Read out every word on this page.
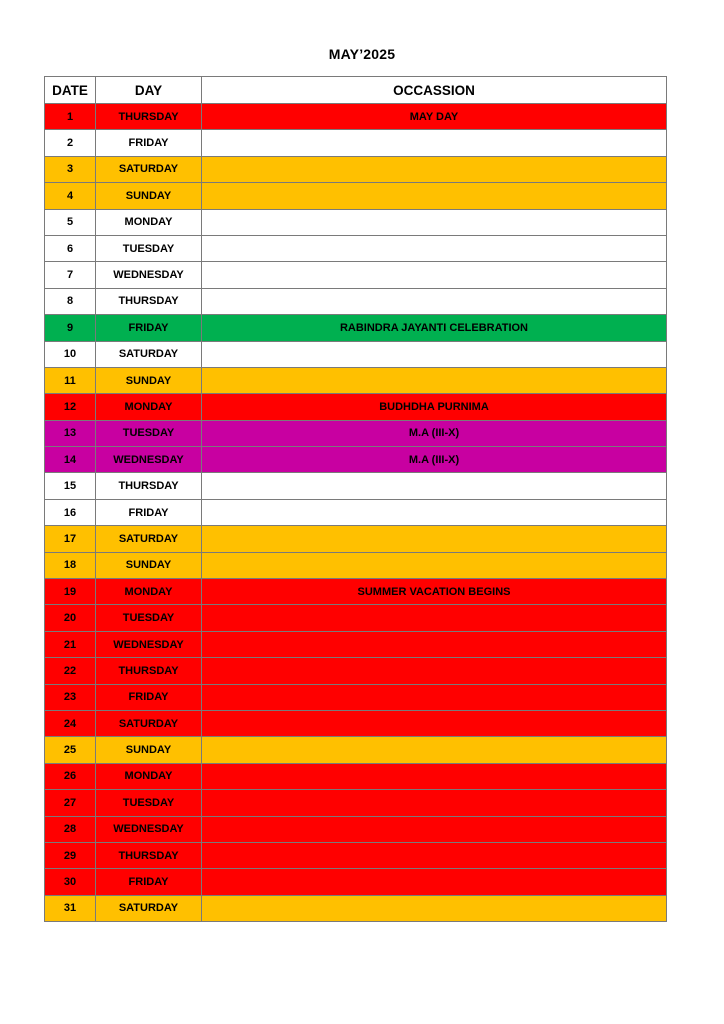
MAY’2025
DATE	DAY	OCCASSION
1	THURSDAY	MAY DAY
2	FRIDAY	
3	SATURDAY	
4	SUNDAY	
5	MONDAY	
6	TUESDAY	
7	WEDNESDAY	
8	THURSDAY	
9	FRIDAY	RABINDRA JAYANTI CELEBRATION
10	SATURDAY	
11	SUNDAY	
12	MONDAY	BUDHDHA PURNIMA
13	TUESDAY	M.A (III-X)
14	WEDNESDAY	M.A (III-X)
15	THURSDAY	
16	FRIDAY	
17	SATURDAY	
18	SUNDAY	
19	MONDAY	SUMMER VACATION BEGINS
20	TUESDAY	
21	WEDNESDAY	
22	THURSDAY	
23	FRIDAY	
24	SATURDAY	
25	SUNDAY	
26	MONDAY	
27	TUESDAY	
28	WEDNESDAY	
29	THURSDAY	
30	FRIDAY	
31	SATURDAY	
